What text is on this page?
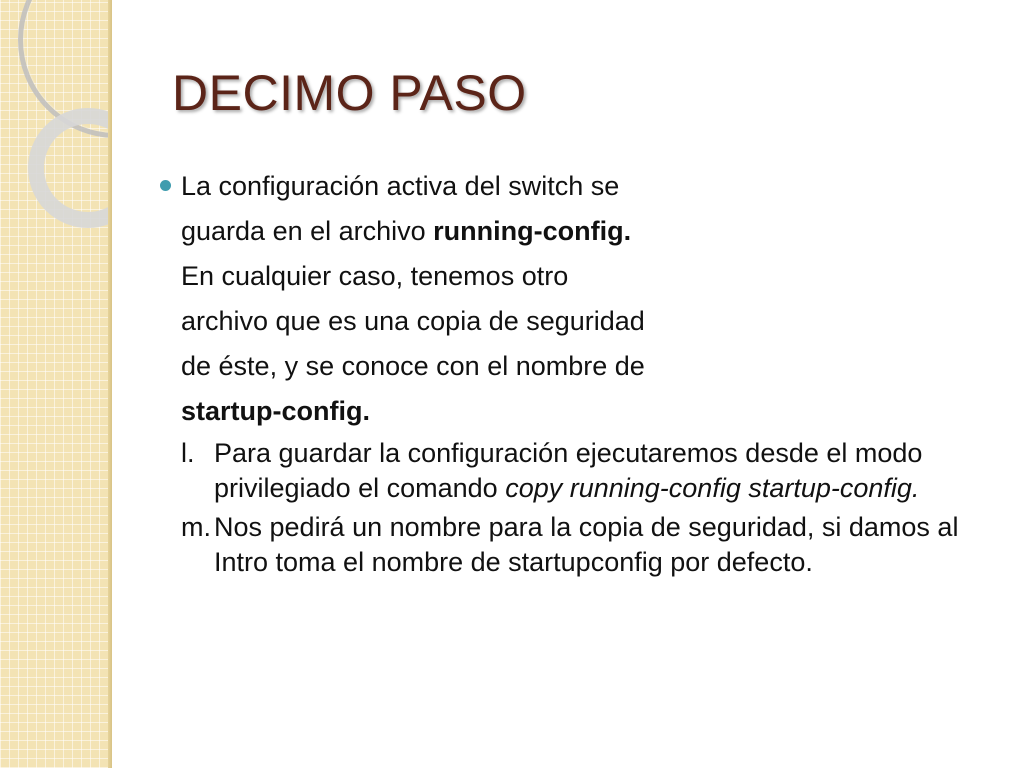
DECIMO PASO
La configuración activa del switch se
guarda en el archivo running-config.
En cualquier caso, tenemos otro
archivo que es una copia de seguridad
de éste, y se conoce con el nombre de
startup-config.
l. Para guardar la configuración ejecutaremos desde el modo privilegiado el comando copy running-config startup-config.
m. Nos pedirá un nombre para la copia de seguridad, si damos al Intro toma el nombre de startupconfig por defecto.
